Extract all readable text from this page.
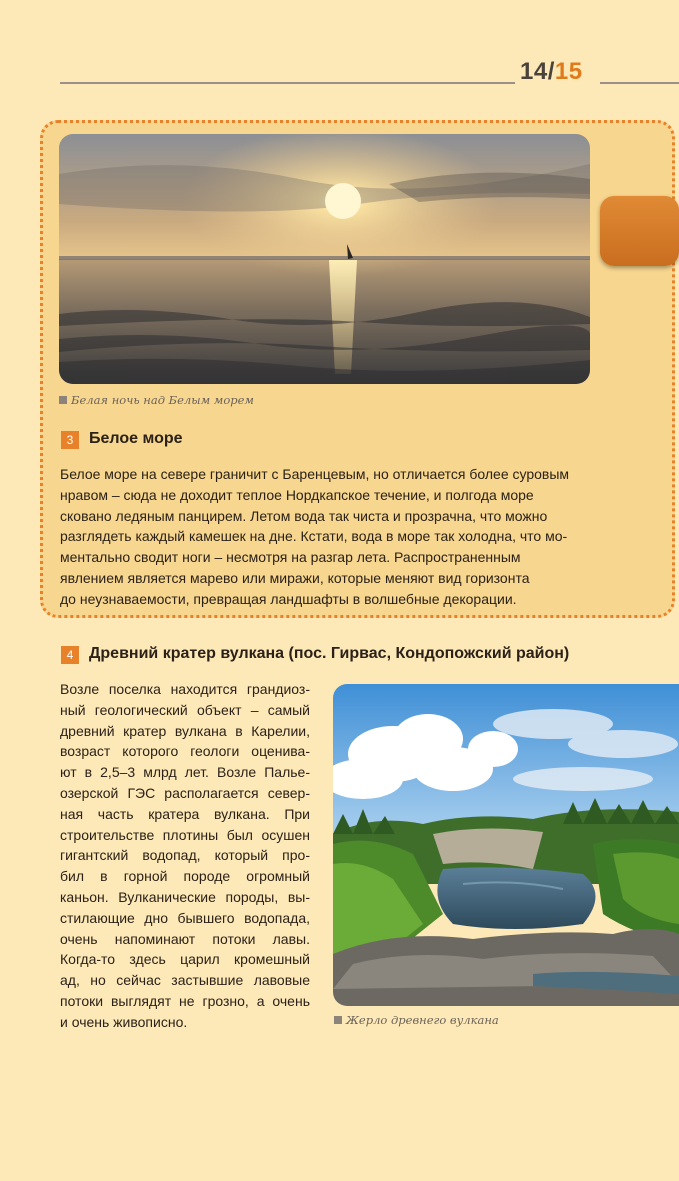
14/15
Белая ночь над Белым морем
3 Белое море
Белое море на севере граничит с Баренцевым, но отличается более суровым
нравом – сюда не доходит теплое Нордкапское течение, и полгода море
сковано ледяным панцирем. Летом вода так чиста и прозрачна, что можно
разглядеть каждый камешек на дне. Кстати, вода в море так холодна, что мо-
ментально сводит ноги – несмотря на разгар лета. Распространенным
явлением является марево или миражи, которые меняют вид горизонта
до неузнаваемости, превращая ландшафты в волшебные декорации.
4 Древний кратер вулкана (пос. Гирвас, Кондопожский район)
Возле поселка находится грандиоз-
ный геологический объект – самый
древний кратер вулкана в Карелии,
возраст которого геологи оценива-
ют в 2,5–3 млрд лет. Возле Палье-
озерской ГЭС располагается север-
ная часть кратера вулкана. При
строительстве плотины был осушен
гигантский водопад, который про-
бил в горной породе огромный
каньон. Вулканические породы, вы-
стилающие дно бывшего водопада,
очень напоминают потоки лавы.
Когда-то здесь царил кромешный
ад, но сейчас застывшие лавовые
потоки выглядят не грозно, а очень
и очень живописно.	Жерло древнего вулкана
